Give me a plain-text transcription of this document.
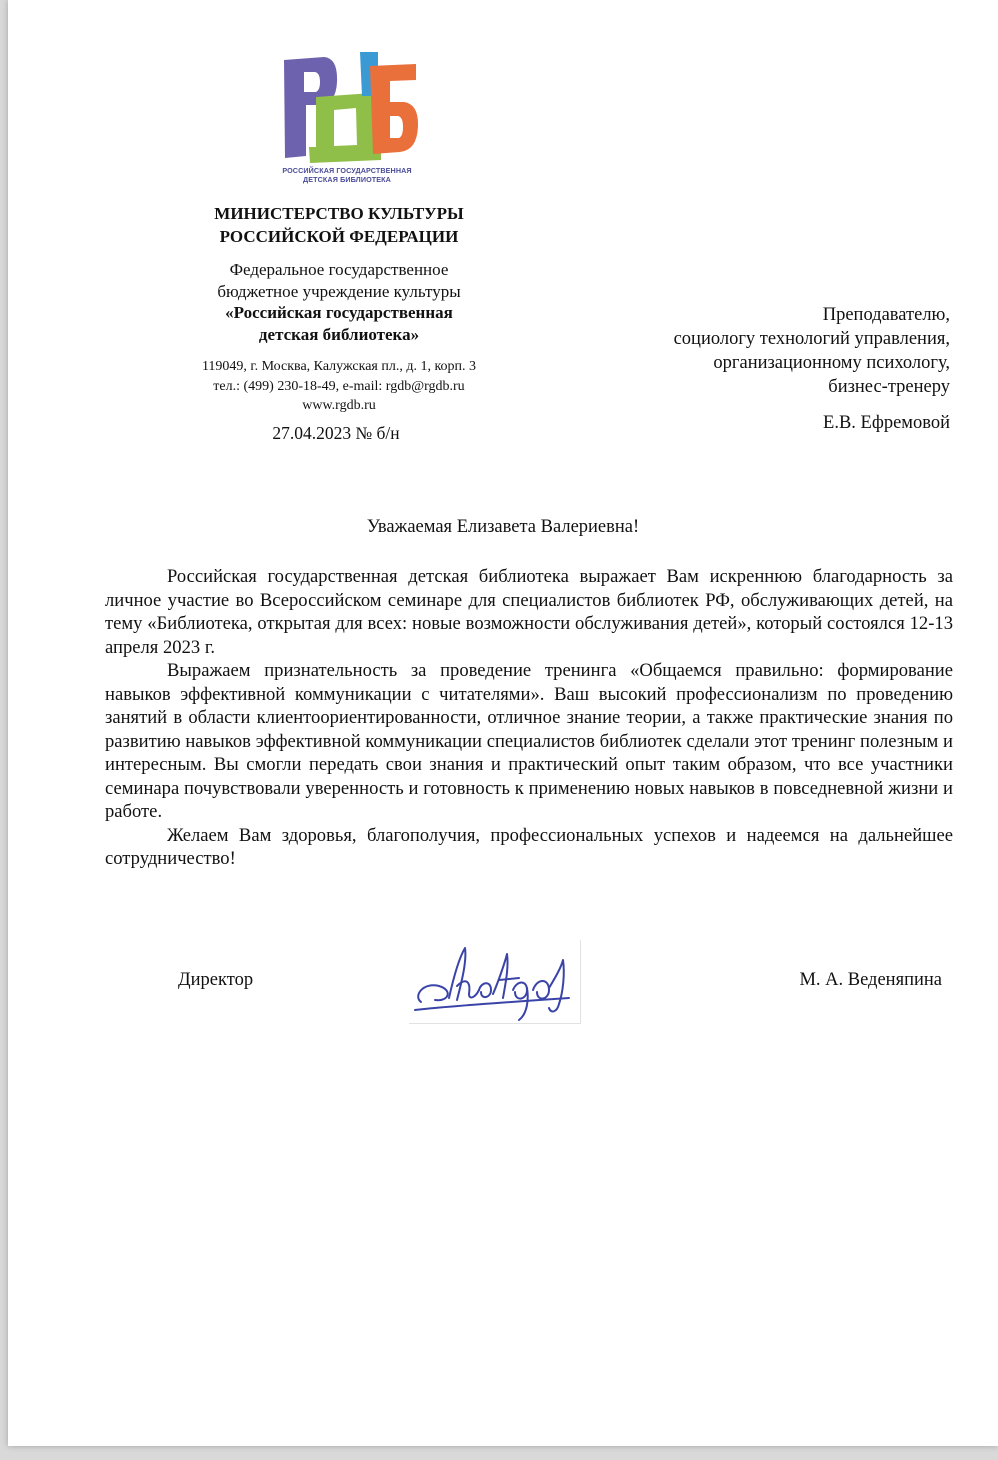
РОССИЙСКАЯ ГОСУДАРСТВЕННАЯ
ДЕТСКАЯ БИБЛИОТЕКА
МИНИСТЕРСТВО КУЛЬТУРЫ
РОССИЙСКОЙ ФЕДЕРАЦИИ
Федеральное государственное
бюджетное учреждение культуры
«Российская государственная
детская библиотека»
119049, г. Москва, Калужская пл., д. 1, корп. 3
тел.: (499) 230-18-49, e-mail: rgdb@rgdb.ru
www.rgdb.ru
27.04.2023 № б/н
Преподавателю,
социологу технологий управления,
организационному психологу,
бизнес-тренеру
Е.В. Ефремовой
Уважаемая Елизавета Валериевна!

Российская государственная детская библиотека выражает Вам искреннюю благодарность за личное участие во Всероссийском семинаре для специалистов библиотек РФ, обслуживающих детей, на тему «Библиотека, открытая для всех: новые возможности обслуживания детей», который состоялся 12-13 апреля 2023 г.

Выражаем признательность за проведение тренинга «Общаемся правильно: формирование навыков эффективной коммуникации с читателями». Ваш высокий профессионализм по проведению занятий в области клиентоориентированности, отличное знание теории, а также практические знания по развитию навыков эффективной коммуникации специалистов библиотек сделали этот тренинг полезным и интересным. Вы смогли передать свои знания и практический опыт таким образом, что все участники семинара почувствовали уверенность и готовность к применению новых навыков в повседневной жизни и работе.

Желаем Вам здоровья, благополучия, профессиональных успехов и надеемся на дальнейшее сотрудничество!

Директор	М. А. Веденяпина
